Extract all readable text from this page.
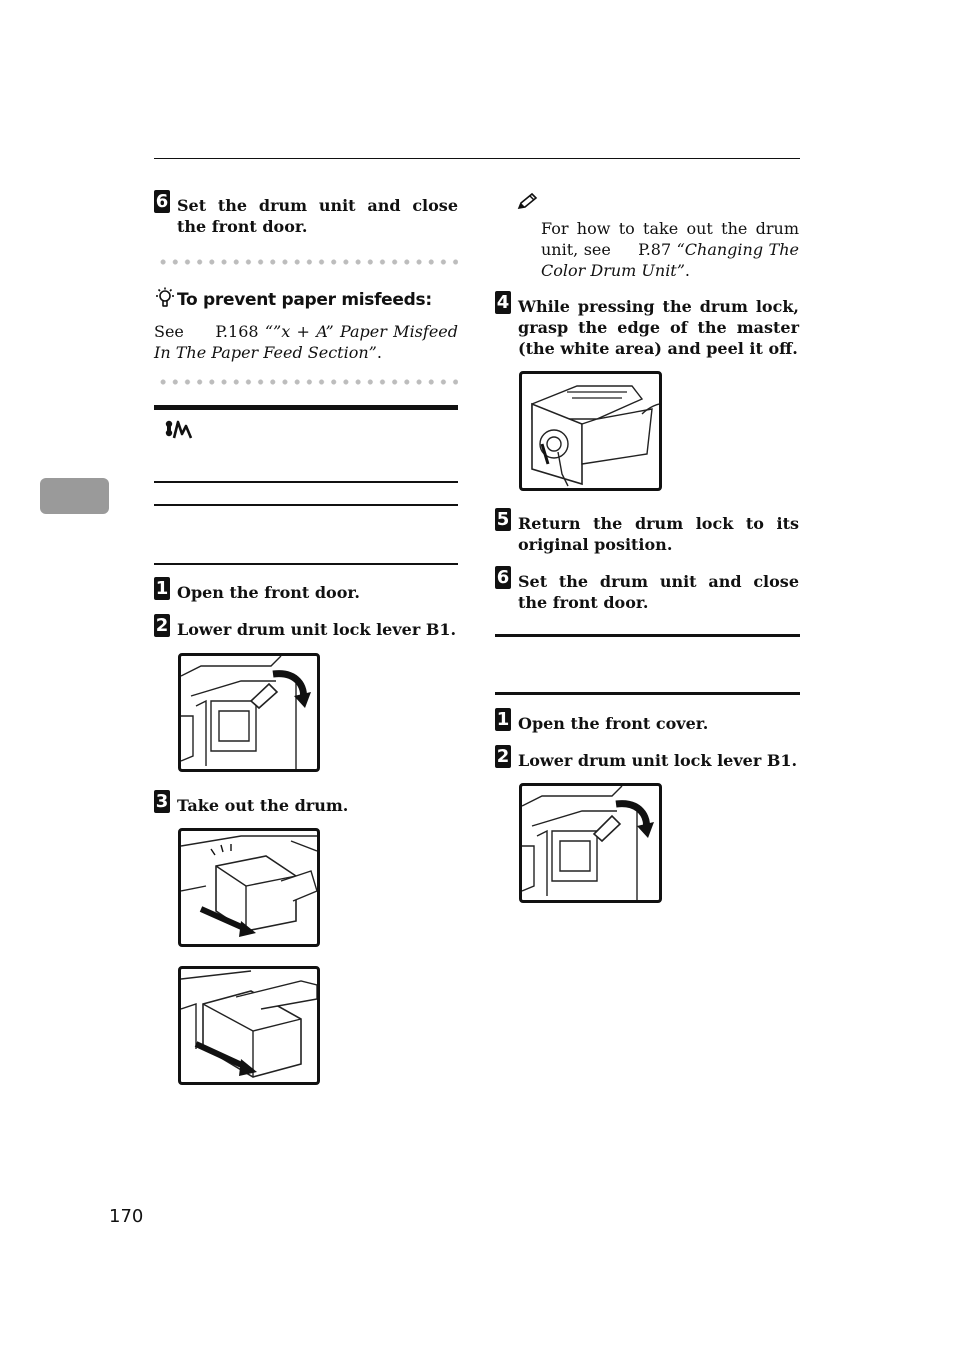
6 Set the drum unit and close the front door.
To prevent paper misfeeds:
See P.168 “”x + A” Paper Misfeed In The Paper Feed Section”.
1 Open the front door.
2 Lower drum unit lock lever B1.
3 Take out the drum.
For how to take out the drum unit, see P.87 “Changing The Color Drum Unit”.
4 While pressing the drum lock, grasp the edge of the master (the white area) and peel it off.
5 Return the drum lock to its original position.
6 Set the drum unit and close the front door.
1 Open the front cover.
2 Lower drum unit lock lever B1.
170
